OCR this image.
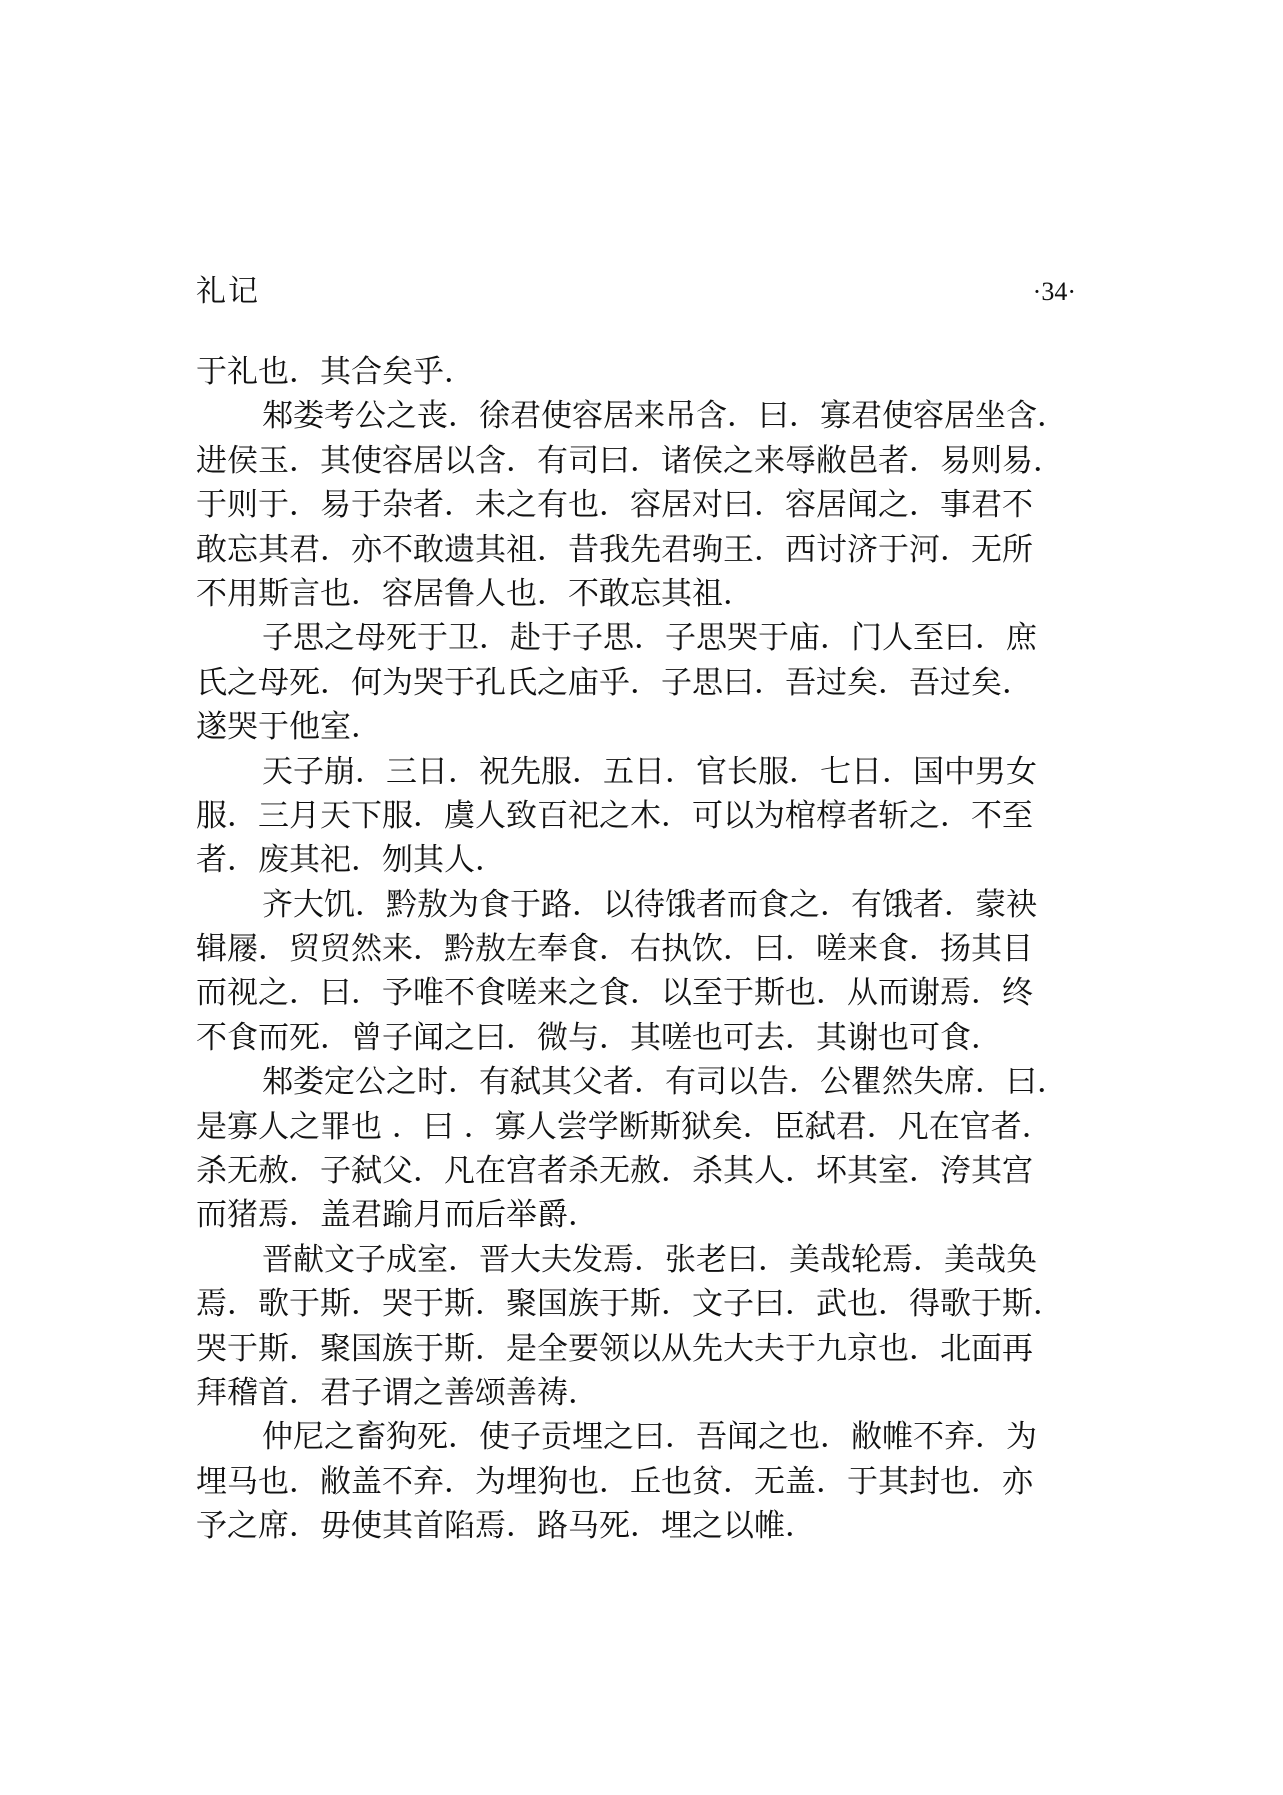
礼记	·34·
于礼也．其合矣乎．
邾娄考公之丧．徐君使容居来吊含．曰．寡君使容居坐含．
进侯玉．其使容居以含．有司曰．诸侯之来辱敝邑者．易则易．
于则于．易于杂者．未之有也．容居对曰．容居闻之．事君不
敢忘其君．亦不敢遗其祖．昔我先君驹王．西讨济于河．无所
不用斯言也．容居鲁人也．不敢忘其祖．
子思之母死于卫．赴于子思．子思哭于庙．门人至曰．庶
氏之母死．何为哭于孔氏之庙乎．子思曰．吾过矣．吾过矣．
遂哭于他室．
天子崩．三日．祝先服．五日．官长服．七日．国中男女
服．三月天下服．虞人致百祀之木．可以为棺椁者斩之．不至
者．废其祀．刎其人．
齐大饥．黔敖为食于路．以待饿者而食之．有饿者．蒙袂
辑屦．贸贸然来．黔敖左奉食．右执饮．曰．嗟来食．扬其目
而视之．曰．予唯不食嗟来之食．以至于斯也．从而谢焉．终
不食而死．曾子闻之曰．微与．其嗟也可去．其谢也可食．
邾娄定公之时．有弑其父者．有司以告．公瞿然失席．曰．
是寡人之罪也 ．曰 ．寡人尝学断斯狱矣．臣弑君．凡在官者．
杀无赦．子弑父．凡在宫者杀无赦．杀其人．坏其室．洿其宫
而猪焉．盖君踰月而后举爵．
晋献文子成室．晋大夫发焉．张老曰．美哉轮焉．美哉奂
焉．歌于斯．哭于斯．聚国族于斯．文子曰．武也．得歌于斯．
哭于斯．聚国族于斯．是全要领以从先大夫于九京也．北面再
拜稽首．君子谓之善颂善祷．
仲尼之畜狗死．使子贡埋之曰．吾闻之也．敝帷不弃．为
埋马也．敝盖不弃．为埋狗也．丘也贫．无盖．于其封也．亦
予之席．毋使其首陷焉．路马死．埋之以帷．
